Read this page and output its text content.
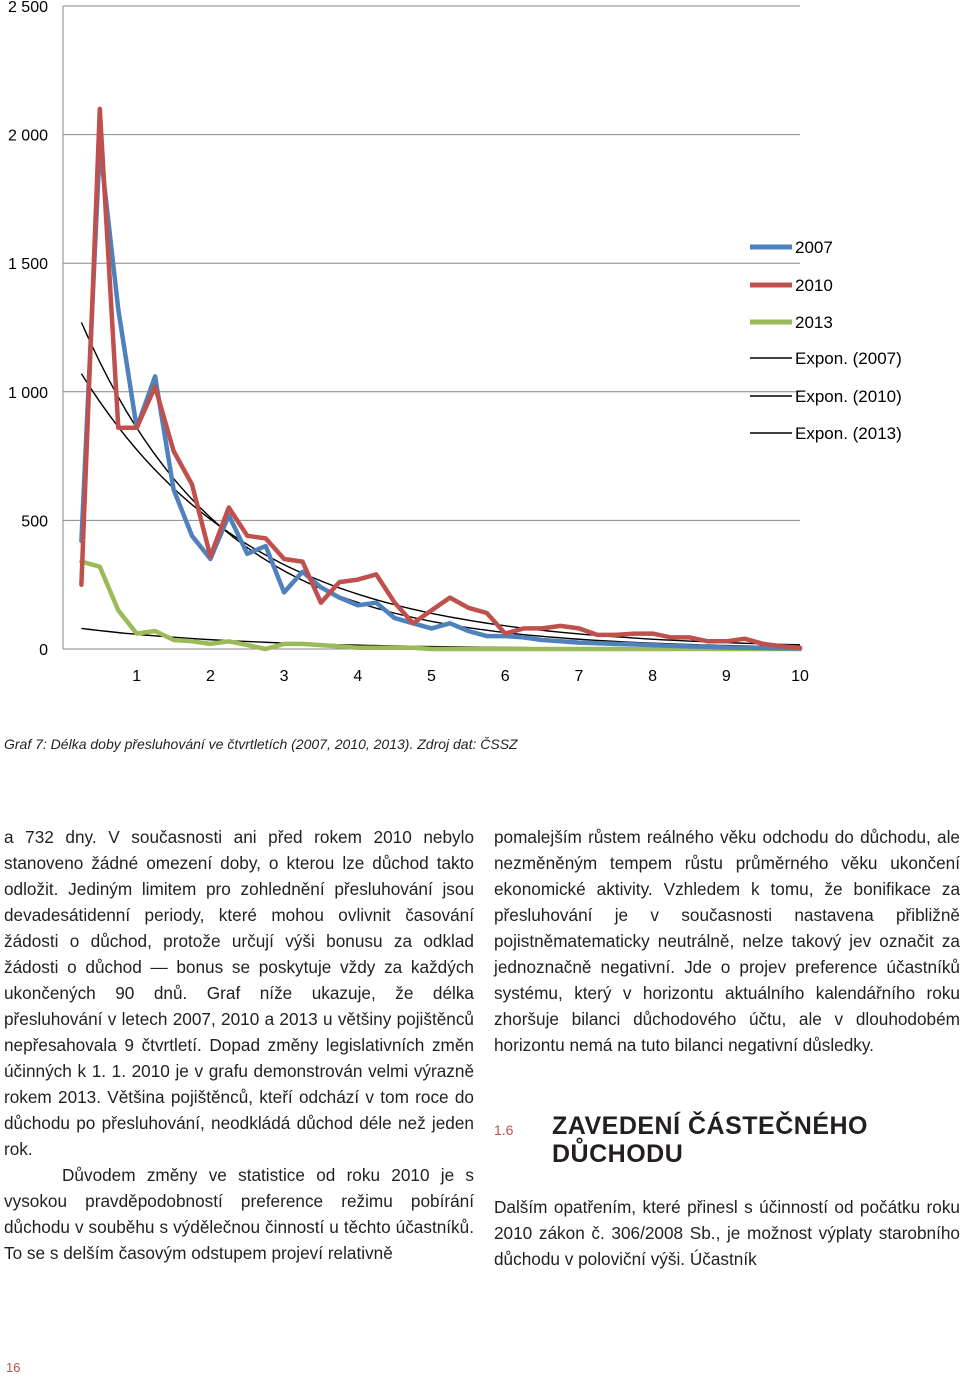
2 500
2 000
1 500
1 000
500
0
1	2	3	4	5	6	7	8	9	10
2007
2010
2013
Expon. (2007)
Expon. (2010)
Expon. (2013)
Graf 7: Délka doby přesluhování ve čtvrtletích (2007, 2010, 2013). Zdroj dat: ČSSZ

a 732 dny. V současnosti ani před rokem 2010 nebylo stanoveno žádné omezení doby, o kterou lze důchod takto odložit. Jediným limitem pro zohlednění přesluhování jsou devadesátidenní periody, které mohou ovlivnit časování žádosti o důchod, protože určují výši bonusu za odklad žádosti o důchod — bonus se poskytuje vždy za každých ukončených 90 dnů. Graf níže ukazuje, že délka přesluhování v letech 2007, 2010 a 2013 u většiny pojištěnců nepřesahovala 9 čtvrtletí. Dopad změny legislativních změn účinných k 1. 1. 2010 je v grafu demonstrován velmi výrazně rokem 2013. Většina pojištěnců, kteří odchází v tom roce do důchodu po přesluhování, neodkládá důchod déle než jeden rok.

Důvodem změny ve statistice od roku 2010 je s vysokou pravděpodobností preference režimu pobírání důchodu v souběhu s výdělečnou činností u těchto účastníků. To se s delším časovým odstupem projeví relativně

pomalejším růstem reálného věku odchodu do důchodu, ale nezměněným tempem růstu průměrného věku ukončení ekonomické aktivity. Vzhledem k tomu, že bonifikace za přesluhování je v současnosti nastavena přibližně pojistněmatematicky neutrálně, nelze takový jev označit za jednoznačně negativní. Jde o projev preference účastníků systému, který v horizontu aktuálního kalendářního roku zhoršuje bilanci důchodového účtu, ale v dlouhodobém horizontu nemá na tuto bilanci negativní důsledky.

1.6 ZAVEDENÍ ČÁSTEČNÉHO
DŮCHODU

Dalším opatřením, které přinesl s účinností od počátku roku 2010 zákon č. 306/2008 Sb., je možnost výplaty starobního důchodu v poloviční výši. Účastník

16
